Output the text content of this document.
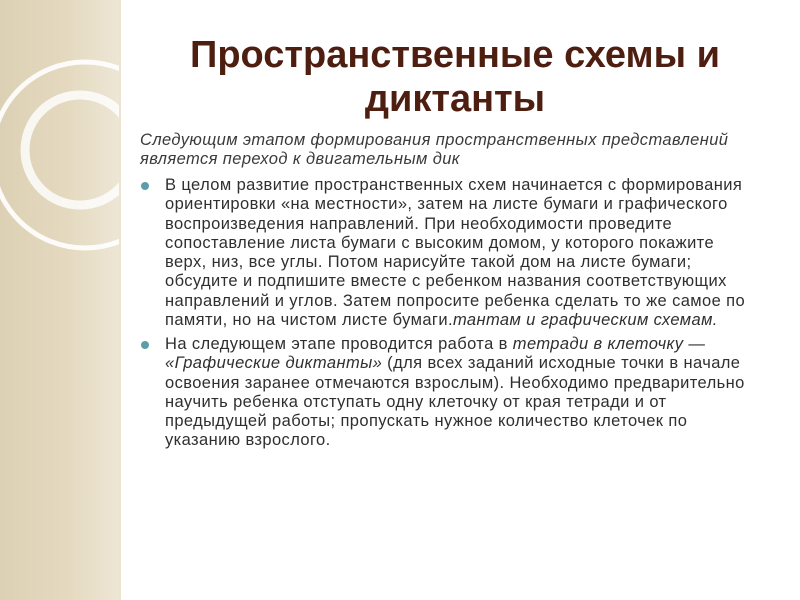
Пространственные схемы и
диктанты
Следующим этапом формирования пространственных представлений
является переход к двигательным дик
В целом развитие пространственных схем начинается с формирования
ориентировки «на местности», затем на листе бумаги и графического
воспроизведения направлений. При необходимости проведите
сопоставление листа бумаги с высоким домом, у которого покажите
верх, низ, все углы. Потом нарисуйте такой дом на листе бумаги;
обсудите и подпишите вместе с ребенком названия соответствующих
направлений и углов. Затем попросите ребенка сделать то же самое по
памяти, но на чистом листе бумаги.тантам и графическим схемам.
На следующем этапе проводится работа в тетради в клеточку —
«Графические диктанты» (для всех заданий исходные точки в начале
освоения заранее отмечаются взрослым). Необходимо предварительно
научить ребенка отступать одну клеточку от края тетради и от
предыдущей работы; пропускать нужное количество клеточек по
указанию взрослого.
